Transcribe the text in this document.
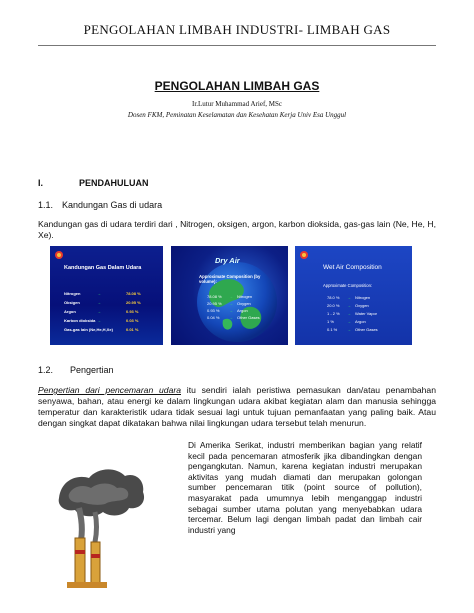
PENGOLAHAN LIMBAH INDUSTRI- LIMBAH GAS
PENGOLAHAN LIMBAH GAS
Ir.Lutur Muhammad Arief, MSc
Dosen FKM, Peminatan Keselamatan dan Kesehatan Kerja Univ Esa Unggul
I.	PENDAHULUAN
1.1. Kandungan Gas di udara
Kandungan gas di udara terdiri dari , Nitrogen, oksigen, argon, karbon dioksida, gas-gas lain (Ne, He, H, Xe).
Kandungan Gas Dalam Udara
Nitrogen	→	78.08 %
Oksigen	→	20.95 %
Argon	→	0.93 %
Karbon dioksida →	0.03 %
Gas-gas lain (Ne,He,H,Xe)	0.01 %
Dry Air
Approximate Composition (by volume):
78.08 % → Nitrogen
20.95 % → Oxygen
0.93 % → Argon
0.04 % → Other Gases
Wet Air Composition
Approximate Composition:
78.0 % → Nitrogen
20.0 % → Oxygen
1 - 2 % → Water Vapor
1 %	→ Argon
0.1 % → Other Gases
1.2. Pengertian
Pengertian dari pencemaran udara itu sendiri ialah peristiwa pemasukan dan/atau penambahan senyawa, bahan, atau energi ke dalam lingkungan udara akibat kegiatan alam dan manusia sehingga temperatur dan karakteristik udara tidak sesuai lagi untuk tujuan pemanfaatan yang paling baik. Atau dengan singkat dapat dikatakan bahwa nilai lingkungan udara tersebut telah menurun.
Di Amerika Serikat, industri memberikan bagian yang relatif kecil pada pencemaran atmosferik jika dibandingkan dengan pengangkutan. Namun, karena kegiatan industri merupakan aktivitas yang mudah diamati dan merupakan golongan sumber pencemaran titik (point source of pollution), masyarakat pada umumnya lebih menganggap industri sebagai sumber utama polutan yang menyebabkan udara tercemar. Belum lagi dengan limbah padat dan limbah cair industri yang
